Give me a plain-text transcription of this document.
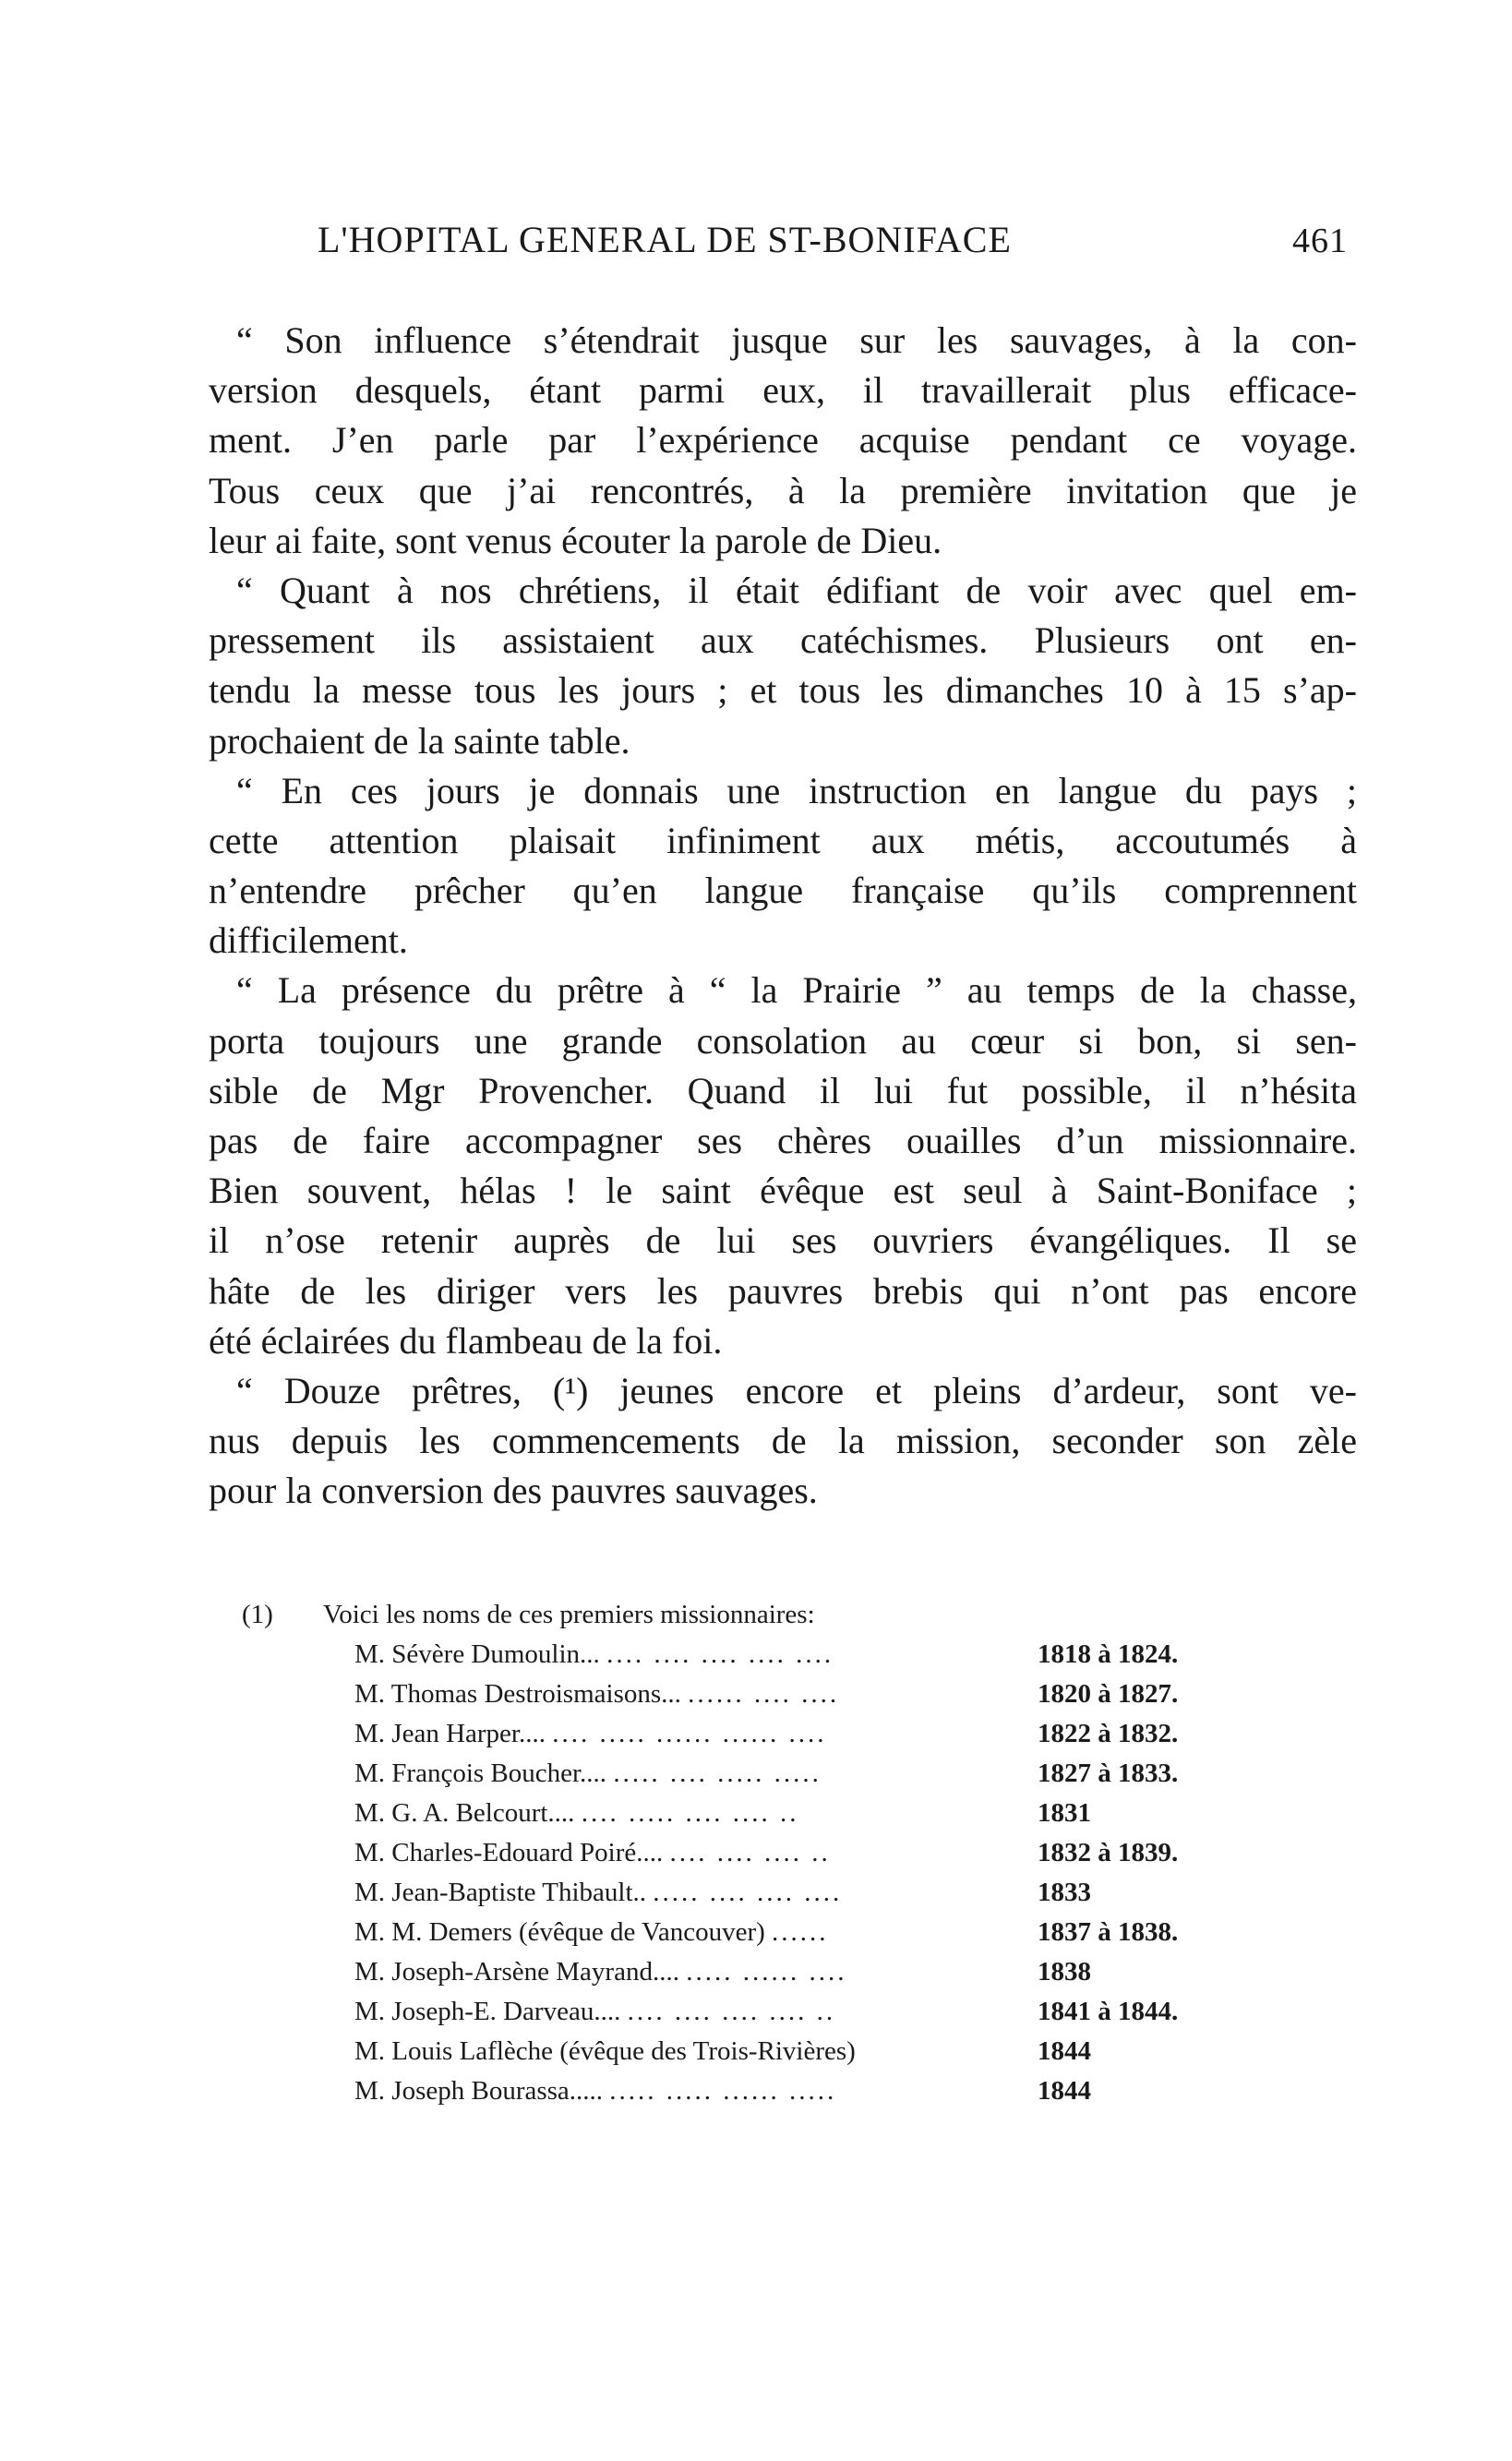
L'HOPITAL GENERAL DE ST-BONIFACE	461
“ Son influence s’étendrait jusque sur les sauvages, à la con-
version desquels, étant parmi eux, il travaillerait plus efficace-
ment. J’en parle par l’expérience acquise pendant ce voyage.
Tous ceux que j’ai rencontrés, à la première invitation que je
leur ai faite, sont venus écouter la parole de Dieu.
“ Quant à nos chrétiens, il était édifiant de voir avec quel em-
pressement ils assistaient aux catéchismes. Plusieurs ont en-
tendu la messe tous les jours ; et tous les dimanches 10 à 15 s’ap-
prochaient de la sainte table.
“ En ces jours je donnais une instruction en langue du pays ;
cette attention plaisait infiniment aux métis, accoutumés à
n’entendre prêcher qu’en langue française qu’ils comprennent
difficilement.
“ La présence du prêtre à “ la Prairie ” au temps de la chasse,
porta toujours une grande consolation au cœur si bon, si sen-
sible de Mgr Provencher. Quand il lui fut possible, il n’hésita
pas de faire accompagner ses chères ouailles d’un missionnaire.
Bien souvent, hélas ! le saint évêque est seul à Saint-Boniface ;
il n’ose retenir auprès de lui ses ouvriers évangéliques. Il se
hâte de les diriger vers les pauvres brebis qui n’ont pas encore
été éclairées du flambeau de la foi.
“ Douze prêtres, (¹) jeunes encore et pleins d’ardeur, sont ve-
nus depuis les commencements de la mission, seconder son zèle
pour la conversion des pauvres sauvages.
(1) Voici les noms de ces premiers missionnaires:
M. Sévère Dumoulin... .... .... .... .... ....	1818 à 1824.
M. Thomas Destroismaisons... ...... .... ....	1820 à 1827.
M. Jean Harper.... .... ..... ...... ...... ....	1822 à 1832.
M. François Boucher.... ..... .... ..... .....	1827 à 1833.
M. G. A. Belcourt.... .... ..... .... .... ..	1831
M. Charles-Edouard Poiré.... .... .... .... ..	1832 à 1839.
M. Jean-Baptiste Thibault.. ..... .... .... ....	1833
M. M. Demers (évêque de Vancouver) ......	1837 à 1838.
M. Joseph-Arsène Mayrand.... ..... ...... ....	1838
M. Joseph-E. Darveau.... .... .... .... .... ..	1841 à 1844.
M. Louis Laflèche (évêque des Trois-Rivières)	1844
M. Joseph Bourassa..... ..... ..... ...... .....	1844
